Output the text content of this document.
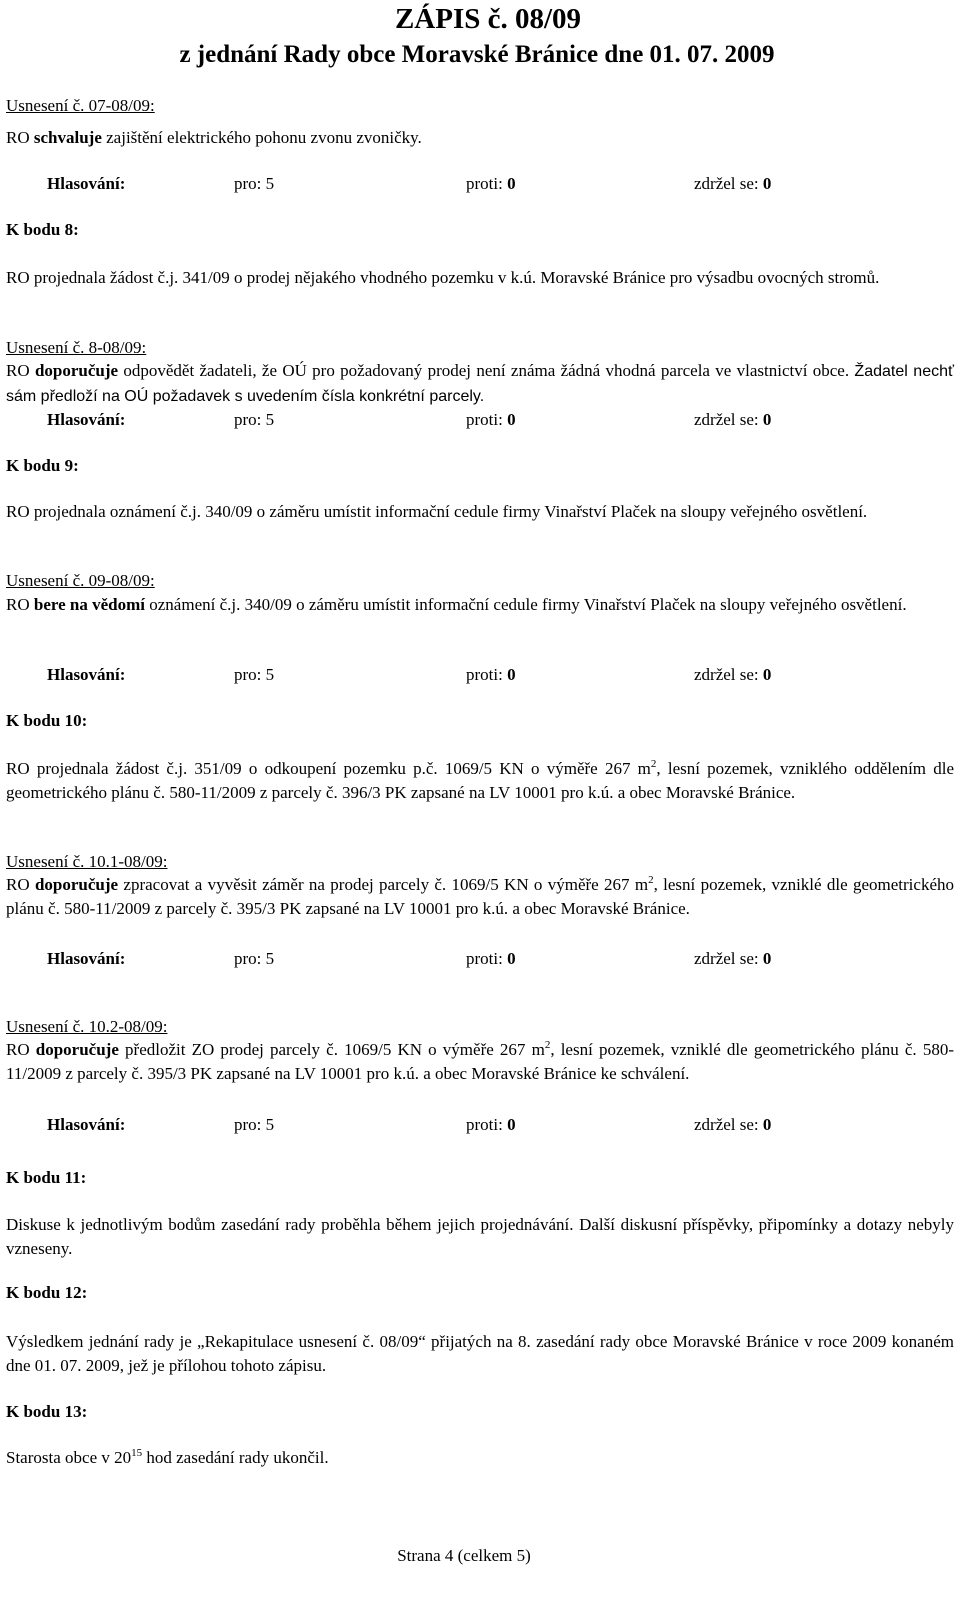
ZÁPIS č. 08/09
z jednání Rady obce Moravské Bránice dne 01. 07. 2009
Usnesení č. 07-08/09:
RO schvaluje zajištění elektrického pohonu zvonu zvoničky.
Hlasování:	pro: 5	proti: 0	zdržel se: 0
K bodu 8:
RO projednala žádost č.j. 341/09 o prodej nějakého vhodného pozemku v k.ú. Moravské Bránice pro výsadbu ovocných stromů.
Usnesení č. 8-08/09:
RO doporučuje odpovědět žadateli, že OÚ pro požadovaný prodej není známa žádná vhodná parcela ve vlastnictví obce. Žadatel nechť sám předloží na OÚ požadavek s uvedením čísla konkrétní parcely.
Hlasování:	pro: 5	proti: 0	zdržel se: 0
K bodu 9:
RO projednala oznámení č.j. 340/09 o záměru umístit informační cedule firmy Vinařství Plaček na sloupy veřejného osvětlení.
Usnesení č. 09-08/09:
RO bere na vědomí oznámení č.j. 340/09 o záměru umístit informační cedule firmy Vinařství Plaček na sloupy veřejného osvětlení.
Hlasování:	pro: 5	proti: 0	zdržel se: 0
K bodu 10:
RO projednala žádost č.j. 351/09 o odkoupení pozemku p.č. 1069/5 KN o výměře 267 $m^2$, lesní pozemek, vzniklého oddělením dle geometrického plánu č. 580-11/2009 z parcely č. 396/3 PK zapsané na LV 10001 pro k.ú. a obec Moravské Bránice.
Usnesení č. 10.1-08/09:
RO doporučuje zpracovat a vyvěsit záměr na prodej parcely č. 1069/5 KN o výměře 267 $m^2$, lesní pozemek, vzniklé dle geometrického plánu č. 580-11/2009 z parcely č. 395/3 PK zapsané na LV 10001 pro k.ú. a obec Moravské Bránice.
Hlasování:	pro: 5	proti: 0	zdržel se: 0
Usnesení č. 10.2-08/09:
RO doporučuje předložit ZO prodej parcely č. 1069/5 KN o výměře 267 $m^2$, lesní pozemek, vzniklé dle geometrického plánu č. 580-11/2009 z parcely č. 395/3 PK zapsané na LV 10001 pro k.ú. a obec Moravské Bránice ke schválení.
Hlasování:	pro: 5	proti: 0	zdržel se: 0
K bodu 11:
Diskuse k jednotlivým bodům zasedání rady proběhla během jejich projednávání. Další diskusní příspěvky, připomínky a dotazy nebyly vzneseny.
K bodu 12:
Výsledkem jednání rady je „Rekapitulace usnesení č. 08/09“ přijatých na 8. zasedání rady obce Moravské Bránice v roce 2009 konaném dne 01. 07. 2009, jež je přílohou tohoto zápisu.
K bodu 13:
Starosta obce v $20^{15}$ hod zasedání rady ukončil.
Strana 4 (celkem 5)
